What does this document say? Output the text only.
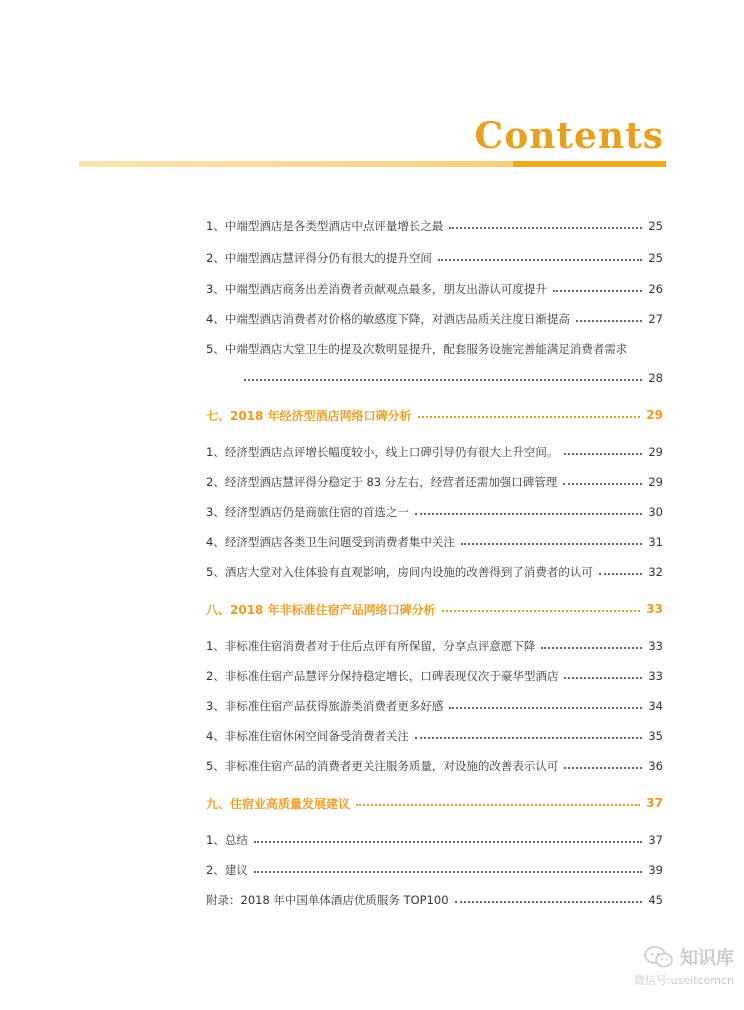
Contents
1、中端型酒店是各类型酒店中点评量增长之最	25
2、中端型酒店慧评得分仍有很大的提升空间	25
3、中端型酒店商务出差消费者贡献观点最多，朋友出游认可度提升	26
4、中端型酒店消费者对价格的敏感度下降，对酒店品质关注度日渐提高	27
5、中端型酒店大堂卫生的提及次数明显提升，配套服务设施完善能满足消费者需求
28
七、2018 年经济型酒店网络口碑分析	29
1、经济型酒店点评增长幅度较小，线上口碑引导仍有很大上升空间。	29
2、经济型酒店慧评得分稳定于 83 分左右，经营者还需加强口碑管理	29
3、经济型酒店仍是商旅住宿的首选之一	30
4、经济型酒店各类卫生问题受到消费者集中关注	31
5、酒店大堂对入住体验有直观影响，房间内设施的改善得到了消费者的认可	32
八、2018 年非标准住宿产品网络口碑分析	33
1、非标准住宿消费者对于住后点评有所保留，分享点评意愿下降	33
2、非标准住宿产品慧评分保持稳定增长，口碑表现仅次于豪华型酒店	33
3、非标准住宿产品获得旅游类消费者更多好感	34
4、非标准住宿休闲空间备受消费者关注	35
5、非标准住宿产品的消费者更关注服务质量，对设施的改善表示认可	36
九、住宿业高质量发展建议	37
1、总结	37
2、建议	39
附录：2018 年中国单体酒店优质服务 TOP100	45
知识库
微信号:useitcomcn
